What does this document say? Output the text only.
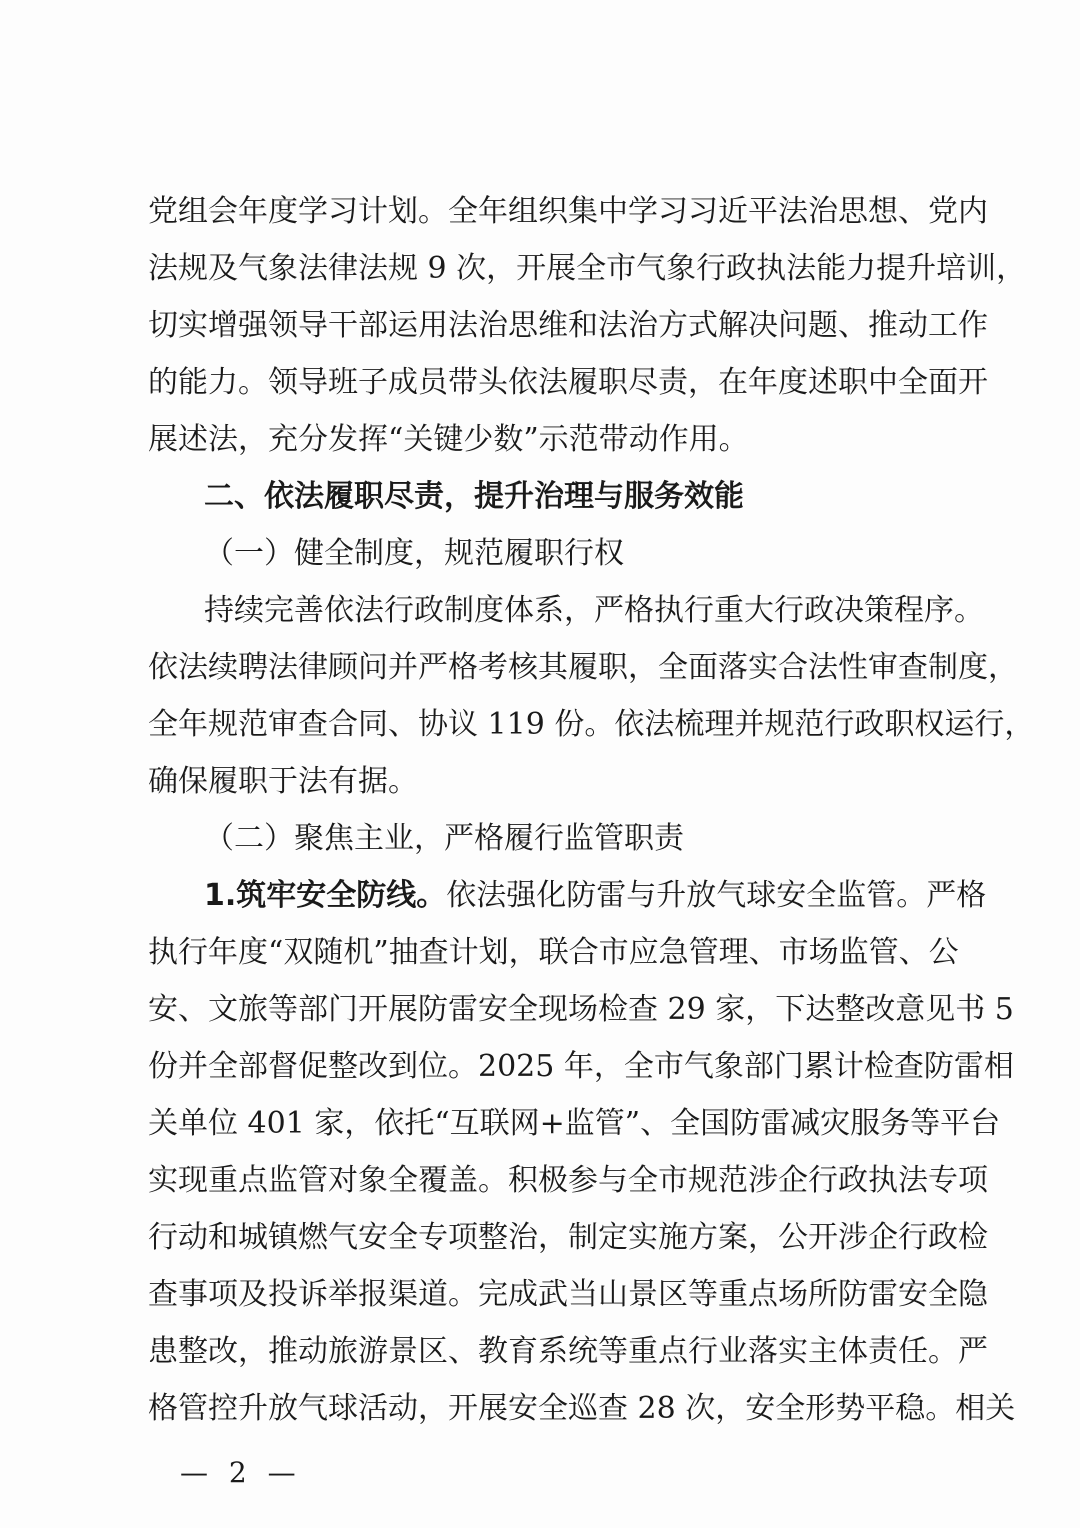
党组会年度学习计划。全年组织集中学习习近平法治思想、党内
法规及气象法律法规 9 次，开展全市气象行政执法能力提升培训，
切实增强领导干部运用法治思维和法治方式解决问题、推动工作
的能力。领导班子成员带头依法履职尽责，在年度述职中全面开
展述法，充分发挥“关键少数”示范带动作用。
二、依法履职尽责，提升治理与服务效能
（一）健全制度，规范履职行权
持续完善依法行政制度体系，严格执行重大行政决策程序。
依法续聘法律顾问并严格考核其履职，全面落实合法性审查制度，
全年规范审查合同、协议 119 份。依法梳理并规范行政职权运行，
确保履职于法有据。
（二）聚焦主业，严格履行监管职责
1.筑牢安全防线。依法强化防雷与升放气球安全监管。严格
执行年度“双随机”抽查计划，联合市应急管理、市场监管、公
安、文旅等部门开展防雷安全现场检查 29 家，下达整改意见书 5
份并全部督促整改到位。2025 年，全市气象部门累计检查防雷相
关单位 401 家，依托“互联网+监管”、全国防雷减灾服务等平台
实现重点监管对象全覆盖。积极参与全市规范涉企行政执法专项
行动和城镇燃气安全专项整治，制定实施方案，公开涉企行政检
查事项及投诉举报渠道。完成武当山景区等重点场所防雷安全隐
患整改，推动旅游景区、教育系统等重点行业落实主体责任。严
格管控升放气球活动，开展安全巡查 28 次，安全形势平稳。相关
— 2 —
